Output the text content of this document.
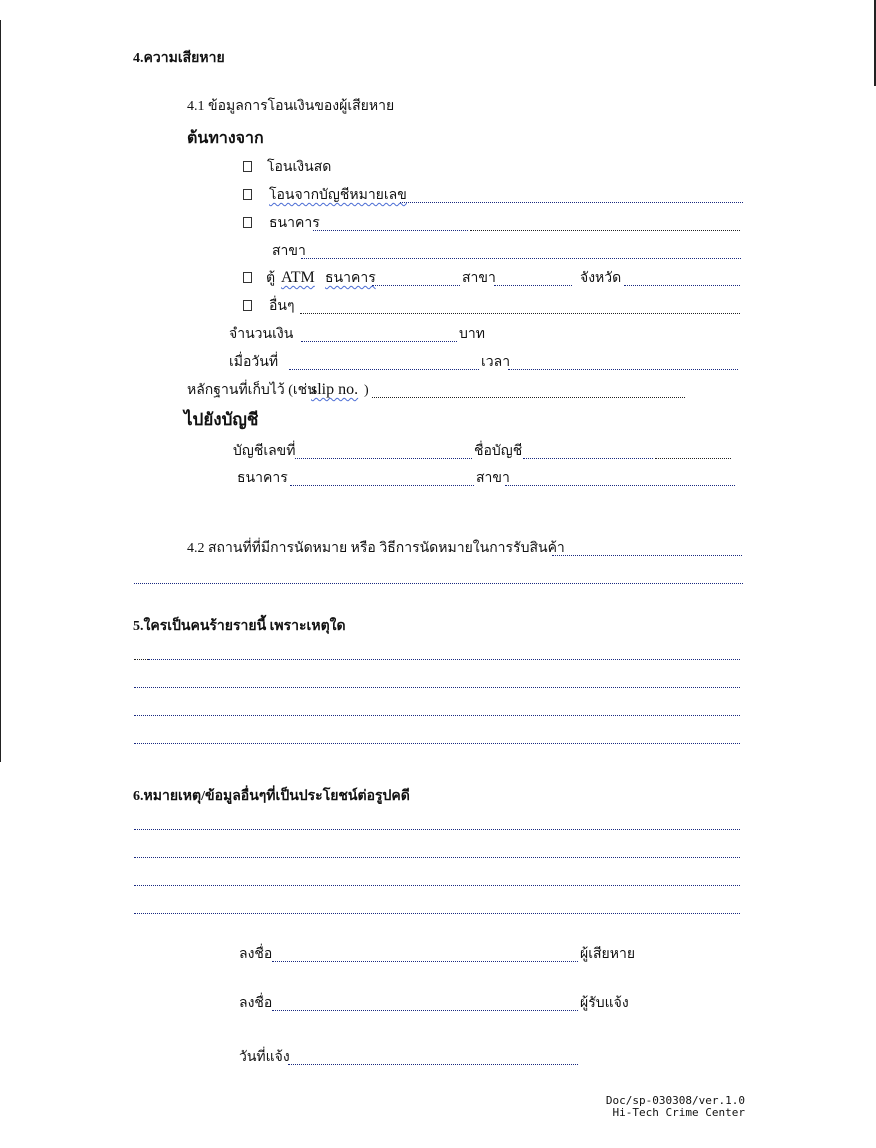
4.ความเสียหาย
4.1 ข้อมูลการโอนเงินของผู้เสียหาย
ต้นทางจาก
โอนเงินสด
โอนจากบัญชีหมายเลข
ธนาคาร
สาขา
ตู้ ATM ธนาคาร	สาขา	จังหวัด
อื่นๆ
จำนวนเงิน	บาท
เมื่อวันที่	เวลา
หลักฐานที่เก็บไว้ (เช่น
slip no. )
ไปยังบัญชี
บัญชีเลขที่	ชื่อบัญชี
ธนาคาร	สาขา
4.2 สถานที่ที่มีการนัดหมาย หรือ วิธีการนัดหมายในการรับสินค้า
5.ใครเป็นคนร้ายรายนี้ เพราะเหตุใด
6.หมายเหตุ/ข้อมูลอื่นๆที่เป็นประโยชน์ต่อรูปคดี
ลงชื่อ	ผู้เสียหาย
ลงชื่อ	ผู้รับแจ้ง
วันที่แจ้ง
Doc/sp-030308/ver.1.0
Hi-Tech Crime Center
